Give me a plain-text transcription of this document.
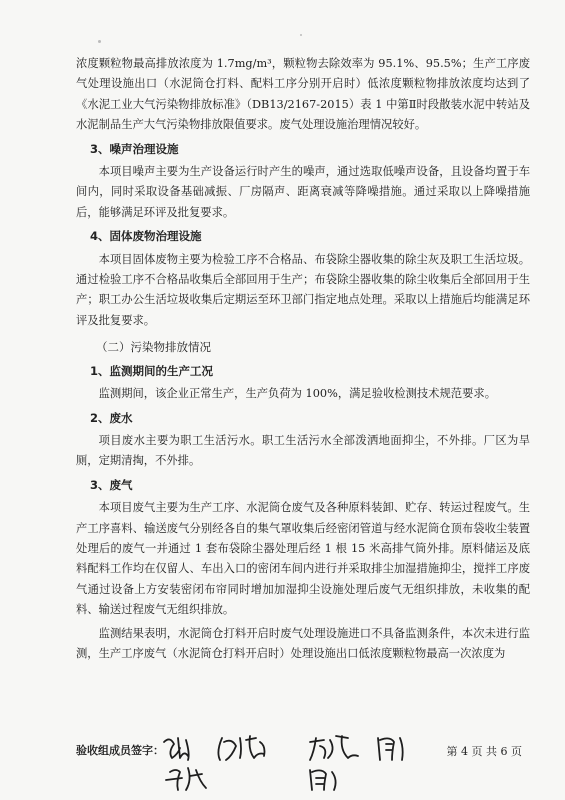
浓度颗粒物最高排放浓度为 1.7mg/m³，颗粒物去除效率为 95.1%、95.5%；生产工序废气处理设施出口（水泥筒仓打料、配料工序分别开启时）低浓度颗粒物排放浓度均达到了《水泥工业大气污染物排放标准》（DB13/2167-2015）表 1 中第Ⅱ时段散装水泥中转站及水泥制品生产大气污染物排放限值要求。废气处理设施治理情况较好。

3、噪声治理设施

本项目噪声主要为生产设备运行时产生的噪声，通过选取低噪声设备，且设备均置于车间内，同时采取设备基础减振、厂房隔声、距离衰减等降噪措施。通过采取以上降噪措施后，能够满足环评及批复要求。

4、固体废物治理设施

本项目固体废物主要为检验工序不合格品、布袋除尘器收集的除尘灰及职工生活垃圾。通过检验工序不合格品收集后全部回用于生产；布袋除尘器收集的除尘收集后全部回用于生产；职工办公生活垃圾收集后定期运至环卫部门指定地点处理。采取以上措施后均能满足环评及批复要求。

（二）污染物排放情况

1、监测期间的生产工况

监测期间，该企业正常生产，生产负荷为 100%，满足验收检测技术规范要求。

2、废水

项目废水主要为职工生活污水。职工生活污水全部泼洒地面抑尘，不外排。厂区为旱厕，定期清掏，不外排。

3、废气

本项目废气主要为生产工序、水泥筒仓废气及各种原料装卸、贮存、转运过程废气。生产工序喜料、输送废气分别经各自的集气罩收集后经密闭管道与经水泥筒仓顶布袋收尘装置处理后的废气一并通过 1 套布袋除尘器处理后经 1 根 15 米高排气筒外排。原料储运及底料配料工作均在仅留人、车出入口的密闭车间内进行并采取排尘加湿措施抑尘，搅拌工序废气通过设备上方安装密闭布帘同时增加加湿抑尘设施处理后废气无组织排放，未收集的配料、输送过程废气无组织排放。

监测结果表明，水泥筒仓打料开启时废气处理设施进口不具备监测条件，本次未进行监测，生产工序废气（水泥筒仓打料开启时）处理设施出口低浓度颗粒物最高一次浓度为

验收组成员签字：	第 4 页 共 6 页
